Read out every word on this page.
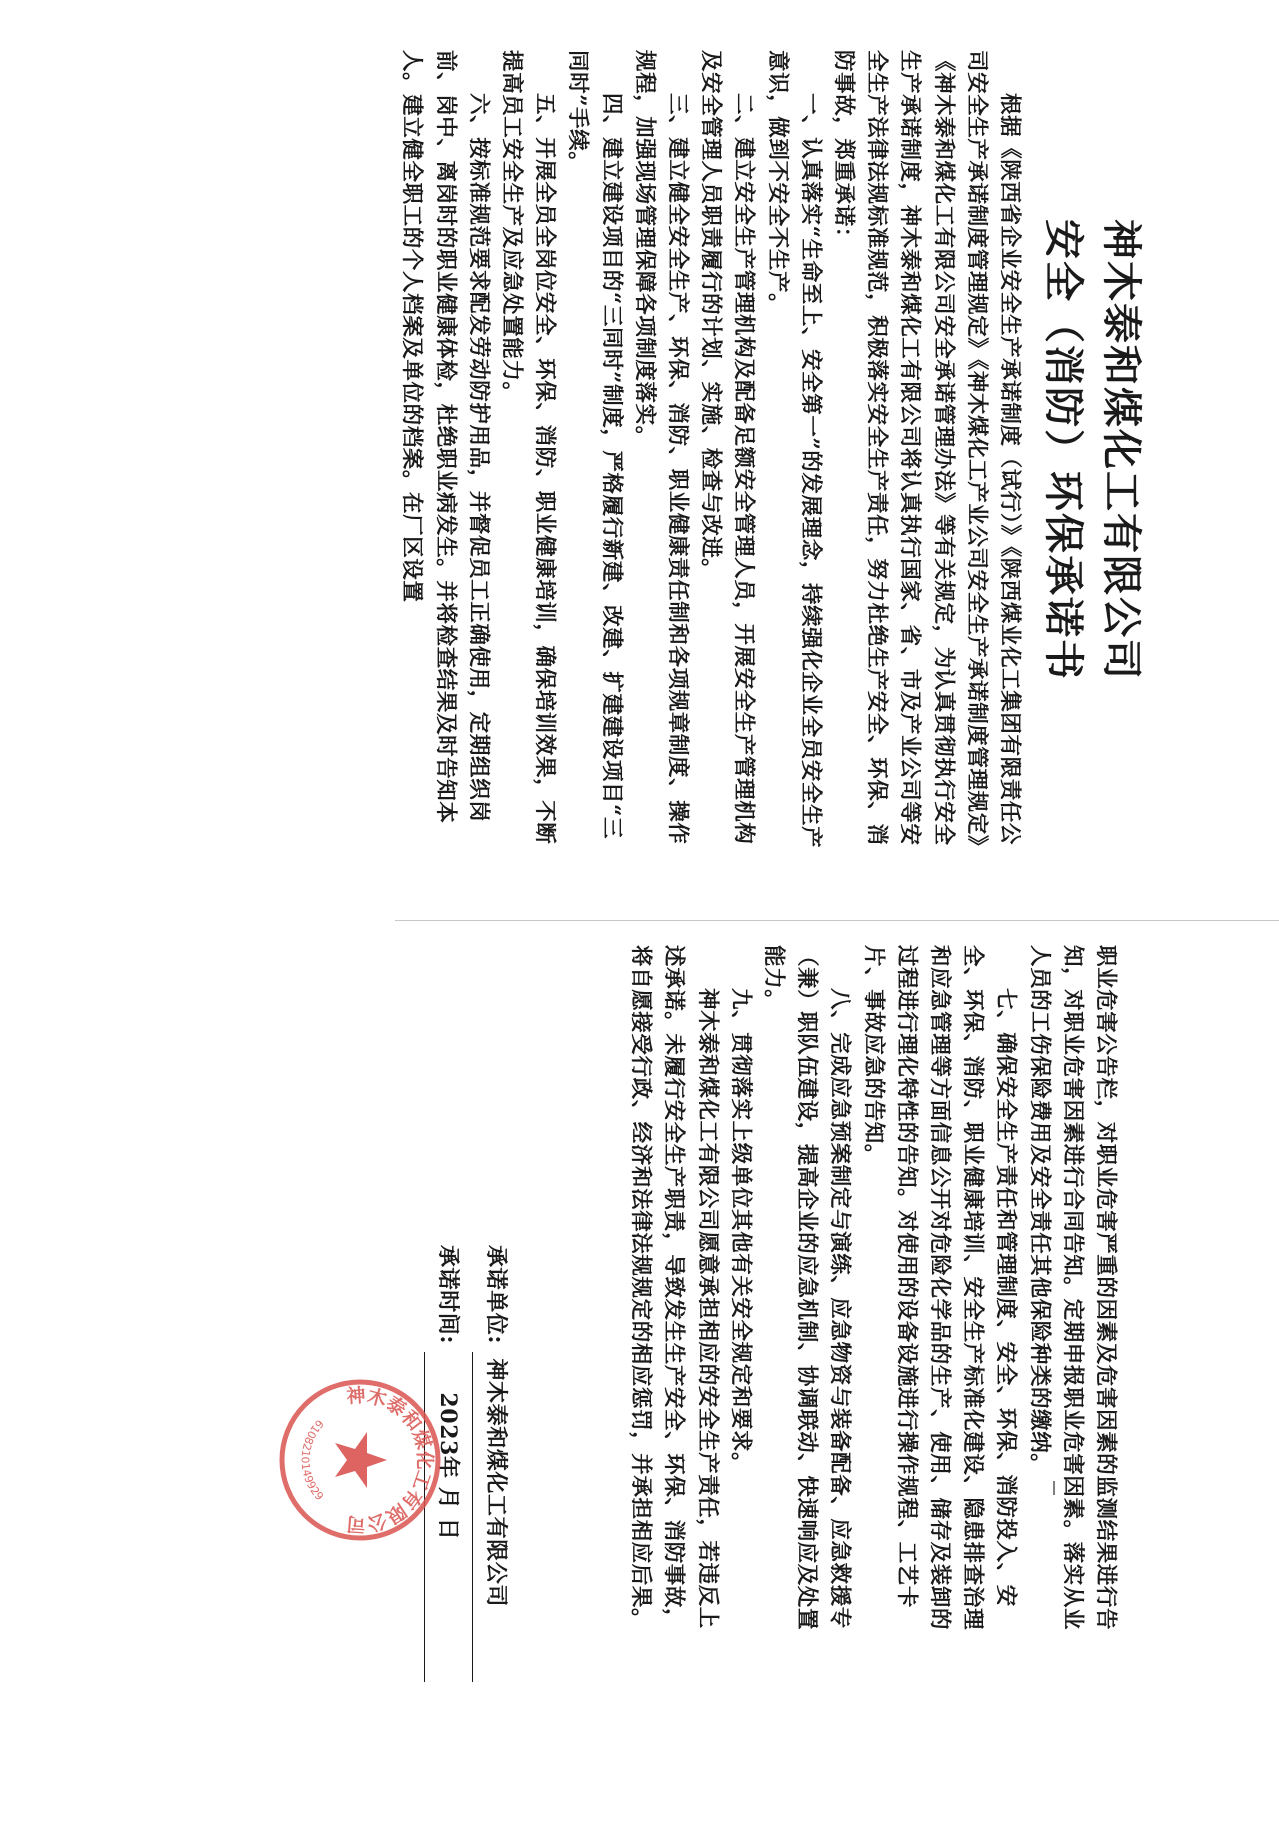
神木泰和煤化工有限公司
安全（消防）环保承诺书

根据《陕西省企业安全生产承诺制度（试行）》《陕西煤业化工集团有限责任公司安全生产承诺制度管理规定》《神木煤化工产业公司安全生产承诺制度管理规定》《神木泰和煤化工有限公司安全承诺管理办法》等有关规定，为认真贯彻执行安全生产承诺制度，神木泰和煤化工有限公司将认真执行国家、省、市及产业公司等安全生产法律法规标准规范，积极落实安全生产责任，努力杜绝生产安全、环保、消防事故，郑重承诺：

一、认真落实“生命至上、安全第一”的发展理念，持续强化企业全员安全生产意识，做到不安全不生产。

二、建立安全生产管理机构及配备足额安全管理人员，开展安全生产管理机构及安全管理人员职责履行的计划、实施、检查与改进。

三、建立健全安全生产、环保、消防、职业健康责任制和各项规章制度、操作规程，加强现场管理保障各项制度落实。

四、建立建设项目的“三同时”制度，严格履行新建、改建、扩建建设项目“三同时”手续。

五、开展全员全岗位安全、环保、消防、职业健康培训，确保培训效果，不断提高员工安全生产及应急处置能力。

六、按标准规范要求配发劳动防护用品，并督促员工正确使用，定期组织岗前、岗中、离岗时的职业健康体检，杜绝职业病发生。并将检查结果及时告知本人。建立健全职工的个人档案及单位的档案。在厂区设置

职业危害公告栏，对职业危害严重的因素及危害因素的监测结果进行告知，对职业危害因素进行合同告知。定期申报职业危害因素。落实从业人员的工伤保险费用及安全责任其他保险种类的缴纳。

七、确保安全生产责任和管理制度、安全、环保、消防投入、安全、环保、消防、职业健康培训、安全生产标准化建设、隐患排查治理和应急管理等方面信息公开对危险化学品的生产、使用、储存及装卸的过程进行理化特性的告知。对使用的设备设施进行操作规程、工艺卡片、事故应急的告知。

八、完成应急预案制定与演练、应急物资与装备配备、应急救援专（兼）职队伍建设，提高企业的应急机制、协调联动、快速响应及处置能力。

九、贯彻落实上级单位其他有关安全规定和要求。

神木泰和煤化工有限公司愿意承担相应的安全生产责任，若违反上述承诺。未履行安全生产职责，导致发生生产安全、环保、消防事故，将自愿接受行政、经济和法律法规规定的相应惩罚，并承担相应后果。

承诺单位:
神木泰和煤化工有限公司
承诺时间:
2023年 月 日
神木泰和煤化工有限公司
6108210149929
